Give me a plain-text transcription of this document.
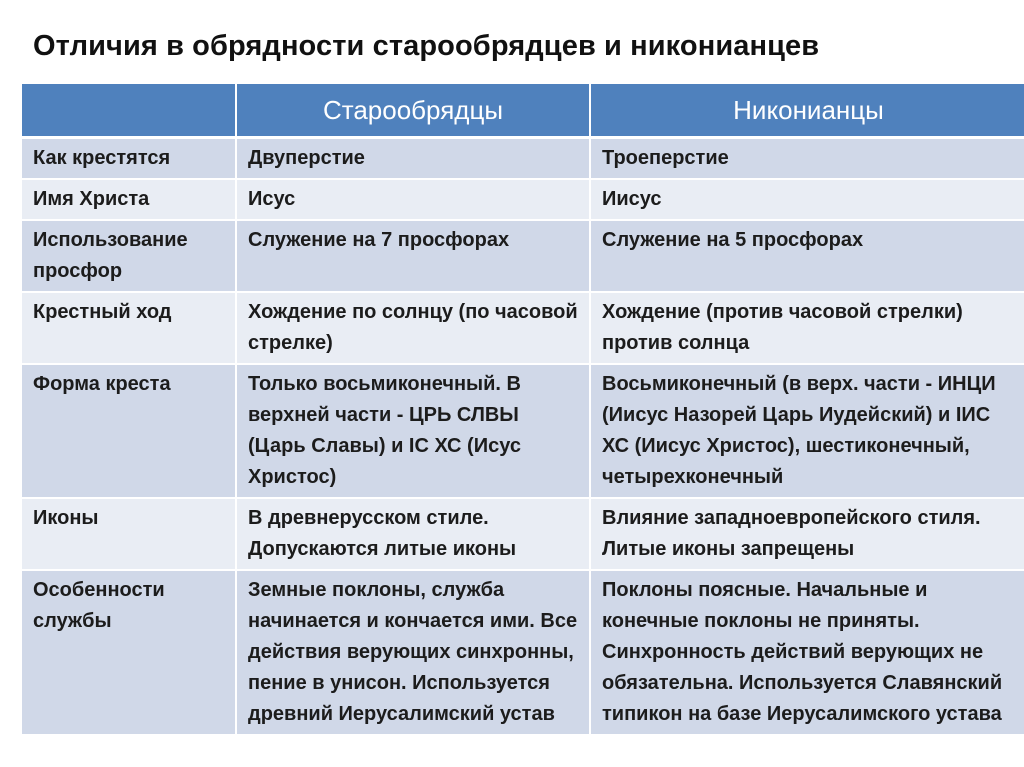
Отличия в обрядности старообрядцев и никонианцев
	Старообрядцы	Никонианцы
Как крестятся	Двуперстие	Троеперстие
Имя Христа	Исус	Иисус
Использование просфор	Служение на 7 просфорах	Служение на 5 просфорах
Крестный ход	Хождение по солнцу (по часовой стрелке)	Хождение (против часовой стрелки) против солнца
Форма креста	Только восьмиконечный. В верхней части - ЦРЬ СЛВЫ (Царь Славы) и IC ХС (Исус Христос)	Восьмиконечный (в верх. части - ИНЦИ (Иисус Назорей Царь Иудейский) и IИС ХС (Иисус Христос), шестиконечный, четырехконечный
Иконы	В древнерусском стиле. Допускаются литые иконы	Влияние западноевропейского стиля. Литые иконы запрещены
Особенности службы	Земные поклоны, служба начинается и кончается ими. Все действия верующих синхронны, пение в унисон. Используется древний Иерусалимский устав	Поклоны поясные. Начальные и конечные поклоны не приняты. Синхронность действий верующих не обязательна. Используется Славянский типикон на базе Иерусалимского устава
